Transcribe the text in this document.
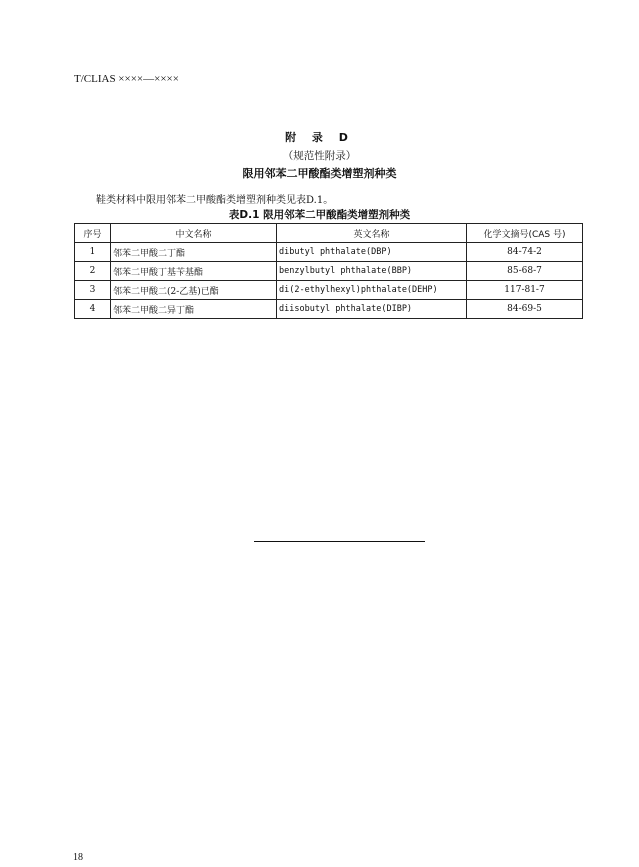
T/CLIAS ××××—××××
附 录 D
（规范性附录）
限用邻苯二甲酸酯类增塑剂种类
鞋类材料中限用邻苯二甲酸酯类增塑剂种类见表D.1。
表D.1 限用邻苯二甲酸酯类增塑剂种类
序号	中文名称	英文名称	化学文摘号(CAS 号)
1	邻苯二甲酸二丁酯	dibutyl phthalate(DBP)	84-74-2
2	邻苯二甲酸丁基苄基酯	benzylbutyl phthalate(BBP)	85-68-7
3	邻苯二甲酸二(2-乙基)已酯	di(2-ethylhexyl)phthalate(DEHP)	117-81-7
4	邻苯二甲酸二异丁酯	diisobutyl phthalate(DIBP)	84-69-5
18
